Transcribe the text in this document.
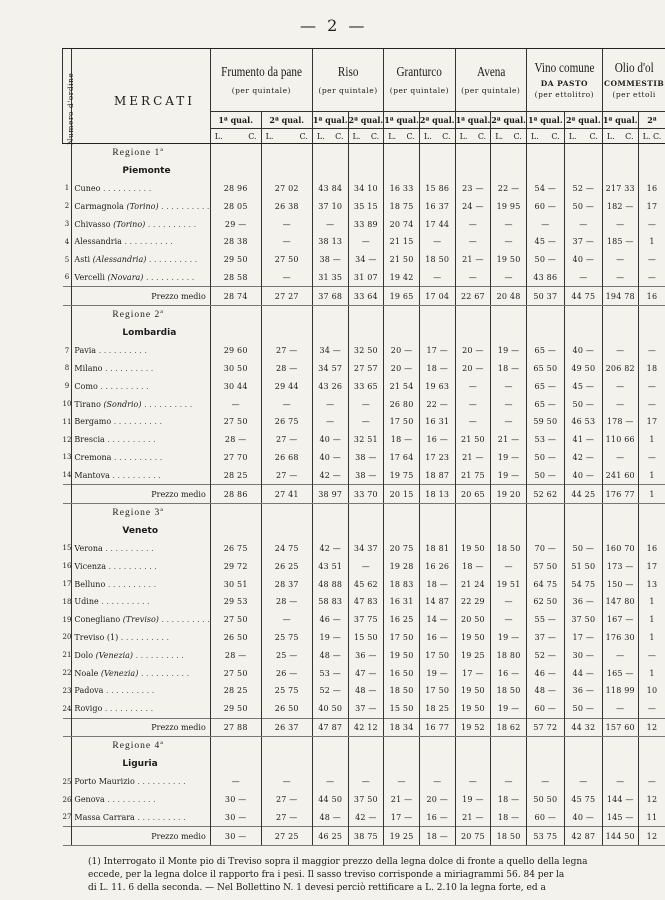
— 2 —

		Frumento da pane
(per quintale)		Riso
(per quintale)		Granturco
(per quintale)		Avena
(per quintale)		Vino comune
DA PASTO
(per ettolitro)		Olio d'ol
COMMESTIB
(per ettoli	

		1ª qual.	2ª qual.	1ª qual.	2ª qual.	1ª qual.	2ª qual.	1ª qual.	2ª qual.	1ª qual.	2ª qual.	1ª qual.	2ª
		L. C.	L. C.	L. C.	L. C.	L. C.	L. C.	L. C.	L. C.	L. C.	L. C.	L. C.	L. C.
	Regione 1ª												
	Piemonte												
1	Cuneo . . . . . . . . . .	28 96	27 02	43 84	34 10	16 33	15 86	23 —	22 —	54 —	52 —	217 33	16
2	Carmagnola (Torino) . . . . . . . . . .	28 05	26 38	37 10	35 15	18 75	16 37	24 —	19 95	60 —	50 —	182 —	17
3	Chivasso (Torino) . . . . . . . . . .	29 —	—	—	33 89	20 74	17 44	—	—	—	—	—	—
4	Alessandria . . . . . . . . . .	28 38	—	38 13	—	21 15	—	—	—	45 —	37 —	185 —	1
5	Asti (Alessandria) . . . . . . . . . .	29 50	27 50	38 —	34 —	21 50	18 50	21 —	19 50	50 —	40 —	—	—
6	Vercelli (Novara) . . . . . . . . . .	28 58	—	31 35	31 07	19 42	—	—	—	43 86	—	—	—
	Prezzo medio	28 74	27 27	37 68	33 64	19 65	17 04	22 67	20 48	50 37	44 75	194 78	16
	Regione 2ª												
	Lombardia												
7	Pavia . . . . . . . . . .	29 60	27 —	34 —	32 50	20 —	17 —	20 —	19 —	65 —	40 —	—	—
8	Milano . . . . . . . . . .	30 50	28 —	34 57	27 57	20 —	18 —	20 —	18 —	65 50	49 50	206 82	18
9	Como . . . . . . . . . .	30 44	29 44	43 26	33 65	21 54	19 63	—	—	65 —	45 —	—	—
10	Tirano (Sondrio) . . . . . . . . . .	—	—	—	—	26 80	22 —	—	—	65 —	50 —	—	—
11	Bergamo . . . . . . . . . .	27 50	26 75	—	—	17 50	16 31	—	—	59 50	46 53	178 —	17
12	Brescia . . . . . . . . . .	28 —	27 —	40 —	32 51	18 —	16 —	21 50	21 —	53 —	41 —	110 66	1
13	Cremona . . . . . . . . . .	27 70	26 68	40 —	38 —	17 64	17 23	21 —	19 —	50 —	42 —	—	—
14	Mantova . . . . . . . . . .	28 25	27 —	42 —	38 —	19 75	18 87	21 75	19 —	50 —	40 —	241 60	1
	Prezzo medio	28 86	27 41	38 97	33 70	20 15	18 13	20 65	19 20	52 62	44 25	176 77	1
	Regione 3ª												
	Veneto												
15	Verona . . . . . . . . . .	26 75	24 75	42 —	34 37	20 75	18 81	19 50	18 50	70 —	50 —	160 70	16
16	Vicenza . . . . . . . . . .	29 72	26 25	43 51	—	19 28	16 26	18 —	—	57 50	51 50	173 —	17
17	Belluno . . . . . . . . . .	30 51	28 37	48 88	45 62	18 83	18 —	21 24	19 51	64 75	54 75	150 —	13
18	Udine . . . . . . . . . .	29 53	28 —	58 83	47 83	16 31	14 87	22 29	—	62 50	36 —	147 80	1
19	Conegliano (Treviso) . . . . . . . . . .	27 50	—	46 —	37 75	16 25	14 —	20 50	—	55 —	37 50	167 —	1
20	Treviso (1) . . . . . . . . . .	26 50	25 75	19 —	15 50	17 50	16 —	19 50	19 —	37 —	17 —	176 30	1
21	Dolo (Venezia) . . . . . . . . . .	28 —	25 —	48 —	36 —	19 50	17 50	19 25	18 80	52 —	30 —	—	—
22	Noale (Venezia) . . . . . . . . . .	27 50	26 —	53 —	47 —	16 50	19 —	17 —	16 —	46 —	44 —	165 —	1
23	Padova . . . . . . . . . .	28 25	25 75	52 —	48 —	18 50	17 50	19 50	18 50	48 —	36 —	118 99	10
24	Rovigo . . . . . . . . . .	29 50	26 50	40 50	37 —	15 50	18 25	19 50	19 —	60 —	50 —	—	—
	Prezzo medio	27 88	26 37	47 87	42 12	18 34	16 77	19 52	18 62	57 72	44 32	157 60	12
	Regione 4ª												
	Liguria												
25	Porto Maurizio . . . . . . . . . .	—	—	—	—	—	—	—	—	—	—	—	—
26	Genova . . . . . . . . . .	30 —	27 —	44 50	37 50	21 —	20 —	19 —	18 —	50 50	45 75	144 —	12
27	Massa Carrara . . . . . . . . . .	30 —	27 —	48 —	42 —	17 —	16 —	21 —	18 —	60 —	40 —	145 —	11
	Prezzo medio	30 —	27 25	46 25	38 75	19 25	18 —	20 75	18 50	53 75	42 87	144 50	12
Numero d'ordine	MERCATI
(1) Interrogato il Monte pio di Treviso sopra il maggior prezzo della legna dolce di fronte a quello della legna
eccede, per la legna dolce il rapporto fra i pesi. Il sasso treviso corrisponde a miriagrammi 56. 84 per la
di L. 11. 6 della seconda. — Nel Bollettino N. 1 devesi perciò rettificare a L. 2.10 la legna forte, ed a
